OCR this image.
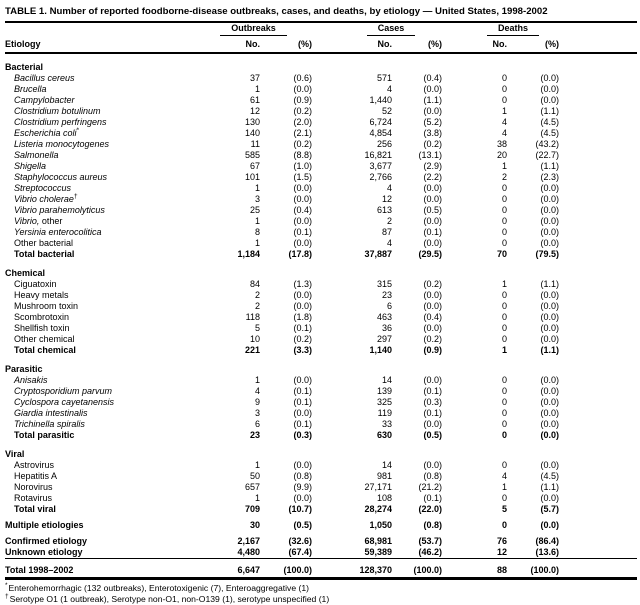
TABLE 1. Number of reported foodborne-disease outbreaks, cases, and deaths, by etiology — United States, 1998-2002
	Outbreaks			Cases			Deaths		
Etiology	No.	(%)		No.	(%)		No.	(%)	
Bacterial									
Bacillus cereus	37	(0.6)		571	(0.4)		0	(0.0)	
Brucella	1	(0.0)		4	(0.0)		0	(0.0)	
Campylobacter	61	(0.9)		1,440	(1.1)		0	(0.0)	
Clostridium botulinum	12	(0.2)		52	(0.0)		1	(1.1)	
Clostridium perfringens	130	(2.0)		6,724	(5.2)		4	(4.5)	
Escherichia coli*	140	(2.1)		4,854	(3.8)		4	(4.5)	
Listeria monocytogenes	11	(0.2)		256	(0.2)		38	(43.2)	
Salmonella	585	(8.8)		16,821	(13.1)		20	(22.7)	
Shigella	67	(1.0)		3,677	(2.9)		1	(1.1)	
Staphylococcus aureus	101	(1.5)		2,766	(2.2)		2	(2.3)	
Streptococcus	1	(0.0)		4	(0.0)		0	(0.0)	
Vibrio cholerae†	3	(0.0)		12	(0.0)		0	(0.0)	
Vibrio parahemolyticus	25	(0.4)		613	(0.5)		0	(0.0)	
Vibrio, other	1	(0.0)		2	(0.0)		0	(0.0)	
Yersinia enterocolitica	8	(0.1)		87	(0.1)		0	(0.0)	
Other bacterial	1	(0.0)		4	(0.0)		0	(0.0)	
Total bacterial	1,184	(17.8)		37,887	(29.5)		70	(79.5)	
Chemical									
Ciguatoxin	84	(1.3)		315	(0.2)		1	(1.1)	
Heavy metals	2	(0.0)		23	(0.0)		0	(0.0)	
Mushroom toxin	2	(0.0)		6	(0.0)		0	(0.0)	
Scombrotoxin	118	(1.8)		463	(0.4)		0	(0.0)	
Shellfish toxin	5	(0.1)		36	(0.0)		0	(0.0)	
Other chemical	10	(0.2)		297	(0.2)		0	(0.0)	
Total chemical	221	(3.3)		1,140	(0.9)		1	(1.1)	
Parasitic									
Anisakis	1	(0.0)		14	(0.0)		0	(0.0)	
Cryptosporidium parvum	4	(0.1)		139	(0.1)		0	(0.0)	
Cyclospora cayetanensis	9	(0.1)		325	(0.3)		0	(0.0)	
Giardia intestinalis	3	(0.0)		119	(0.1)		0	(0.0)	
Trichinella spiralis	6	(0.1)		33	(0.0)		0	(0.0)	
Total parasitic	23	(0.3)		630	(0.5)		0	(0.0)	
Viral									
Astrovirus	1	(0.0)		14	(0.0)		0	(0.0)	
Hepatitis A	50	(0.8)		981	(0.8)		4	(4.5)	
Norovirus	657	(9.9)		27,171	(21.2)		1	(1.1)	
Rotavirus	1	(0.0)		108	(0.1)		0	(0.0)	
Total viral	709	(10.7)		28,274	(22.0)		5	(5.7)	

Multiple etiologies	30	(0.5)		1,050	(0.8)		0	(0.0)	

Confirmed etiology	2,167	(32.6)		68,981	(53.7)		76	(86.4)	
Unknown etiology	4,480	(67.4)		59,389	(46.2)		12	(13.6)	
Total 1998–2002	6,647	(100.0)		128,370	(100.0)		88	(100.0)	
*Enterohemorrhagic (132 outbreaks), Enterotoxigenic (7), Enteroaggregative (1)
†Serotype O1 (1 outbreak), Serotype non-O1, non-O139 (1), serotype unspecified (1)
